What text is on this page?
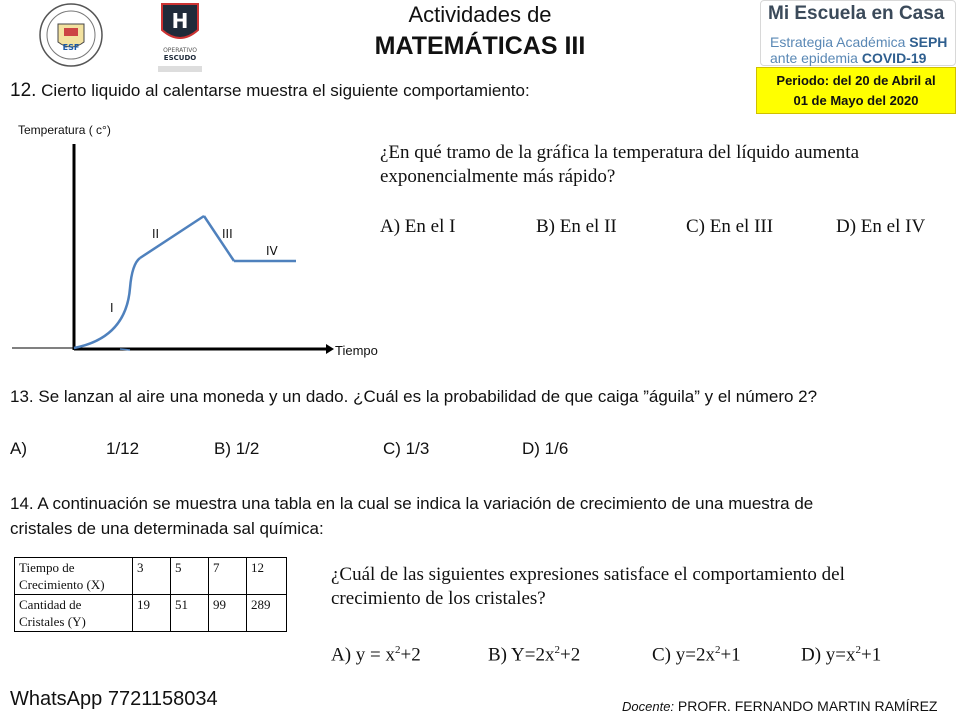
ESF
H
OPERATIVO
ESCUDO
Actividades de
MATEMÁTICAS III
Mi Escuela en Casa
Estrategia Académica SEPH
ante epidemia COVID-19
Periodo: del 20 de Abril al
01 de Mayo del 2020
12. Cierto liquido al calentarse muestra el siguiente comportamiento:
Temperatura ( c°)
Tiempo
I
II	III
IV
¿En qué tramo de la gráfica la temperatura del líquido aumenta
exponencialmente más rápido?
A) En el I	B) En el II	C) En el III	D) En el IV
13. Se lanzan al aire una moneda y un dado. ¿Cuál es la probabilidad de que caiga ”águila” y el número 2?
A)	1/12	B) 1/2	C) 1/3	D) 1/6
14. A continuación se muestra una tabla en la cual se indica la variación de crecimiento de una muestra de
cristales de una determinada sal química:
Tiempo de
Crecimiento (X)	3	5	7	12

Cantidad de
Cristales (Y)	19	51	99	289
¿Cuál de las siguientes expresiones satisface el comportamiento del
crecimiento de los cristales?
A) $y = x^2+2$	B) $Y=2x^2+2$	C) $y=2x^2+1$	D) $y=x^2+1$
WhatsApp 7721158034	Docente: PROFR. FERNANDO MARTIN RAMÍREZ
